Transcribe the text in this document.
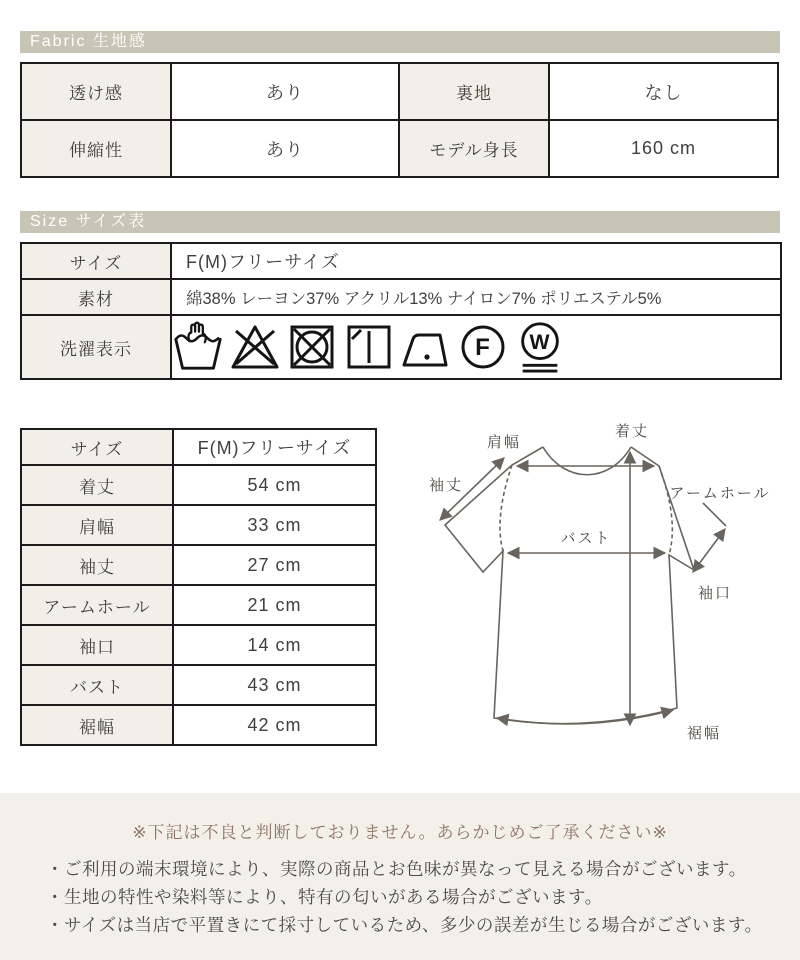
Fabric 生地感
透け感	あり	裏地	なし
伸縮性	あり	モデル身長	160 cm
Size サイズ表
サイズ	F(M)フリーサイズ
素材	綿38% レーヨン37% アクリル13% ナイロン7% ポリエステル5%
洗濯表示	F W
サイズ	F(M)フリーサイズ
着丈	54 cm
肩幅	33 cm
袖丈	27 cm
アームホール	21 cm
袖口	14 cm
バスト	43 cm
裾幅	42 cm
着丈
肩幅
袖丈	アームホール
バスト
袖口
裾幅
※下記は不良と判断しておりません。あらかじめご了承ください※
・ご利用の端末環境により、実際の商品とお色味が異なって見える場合がございます。
・生地の特性や染料等により、特有の匂いがある場合がございます。
・サイズは当店で平置きにて採寸しているため、多少の誤差が生じる場合がございます。
